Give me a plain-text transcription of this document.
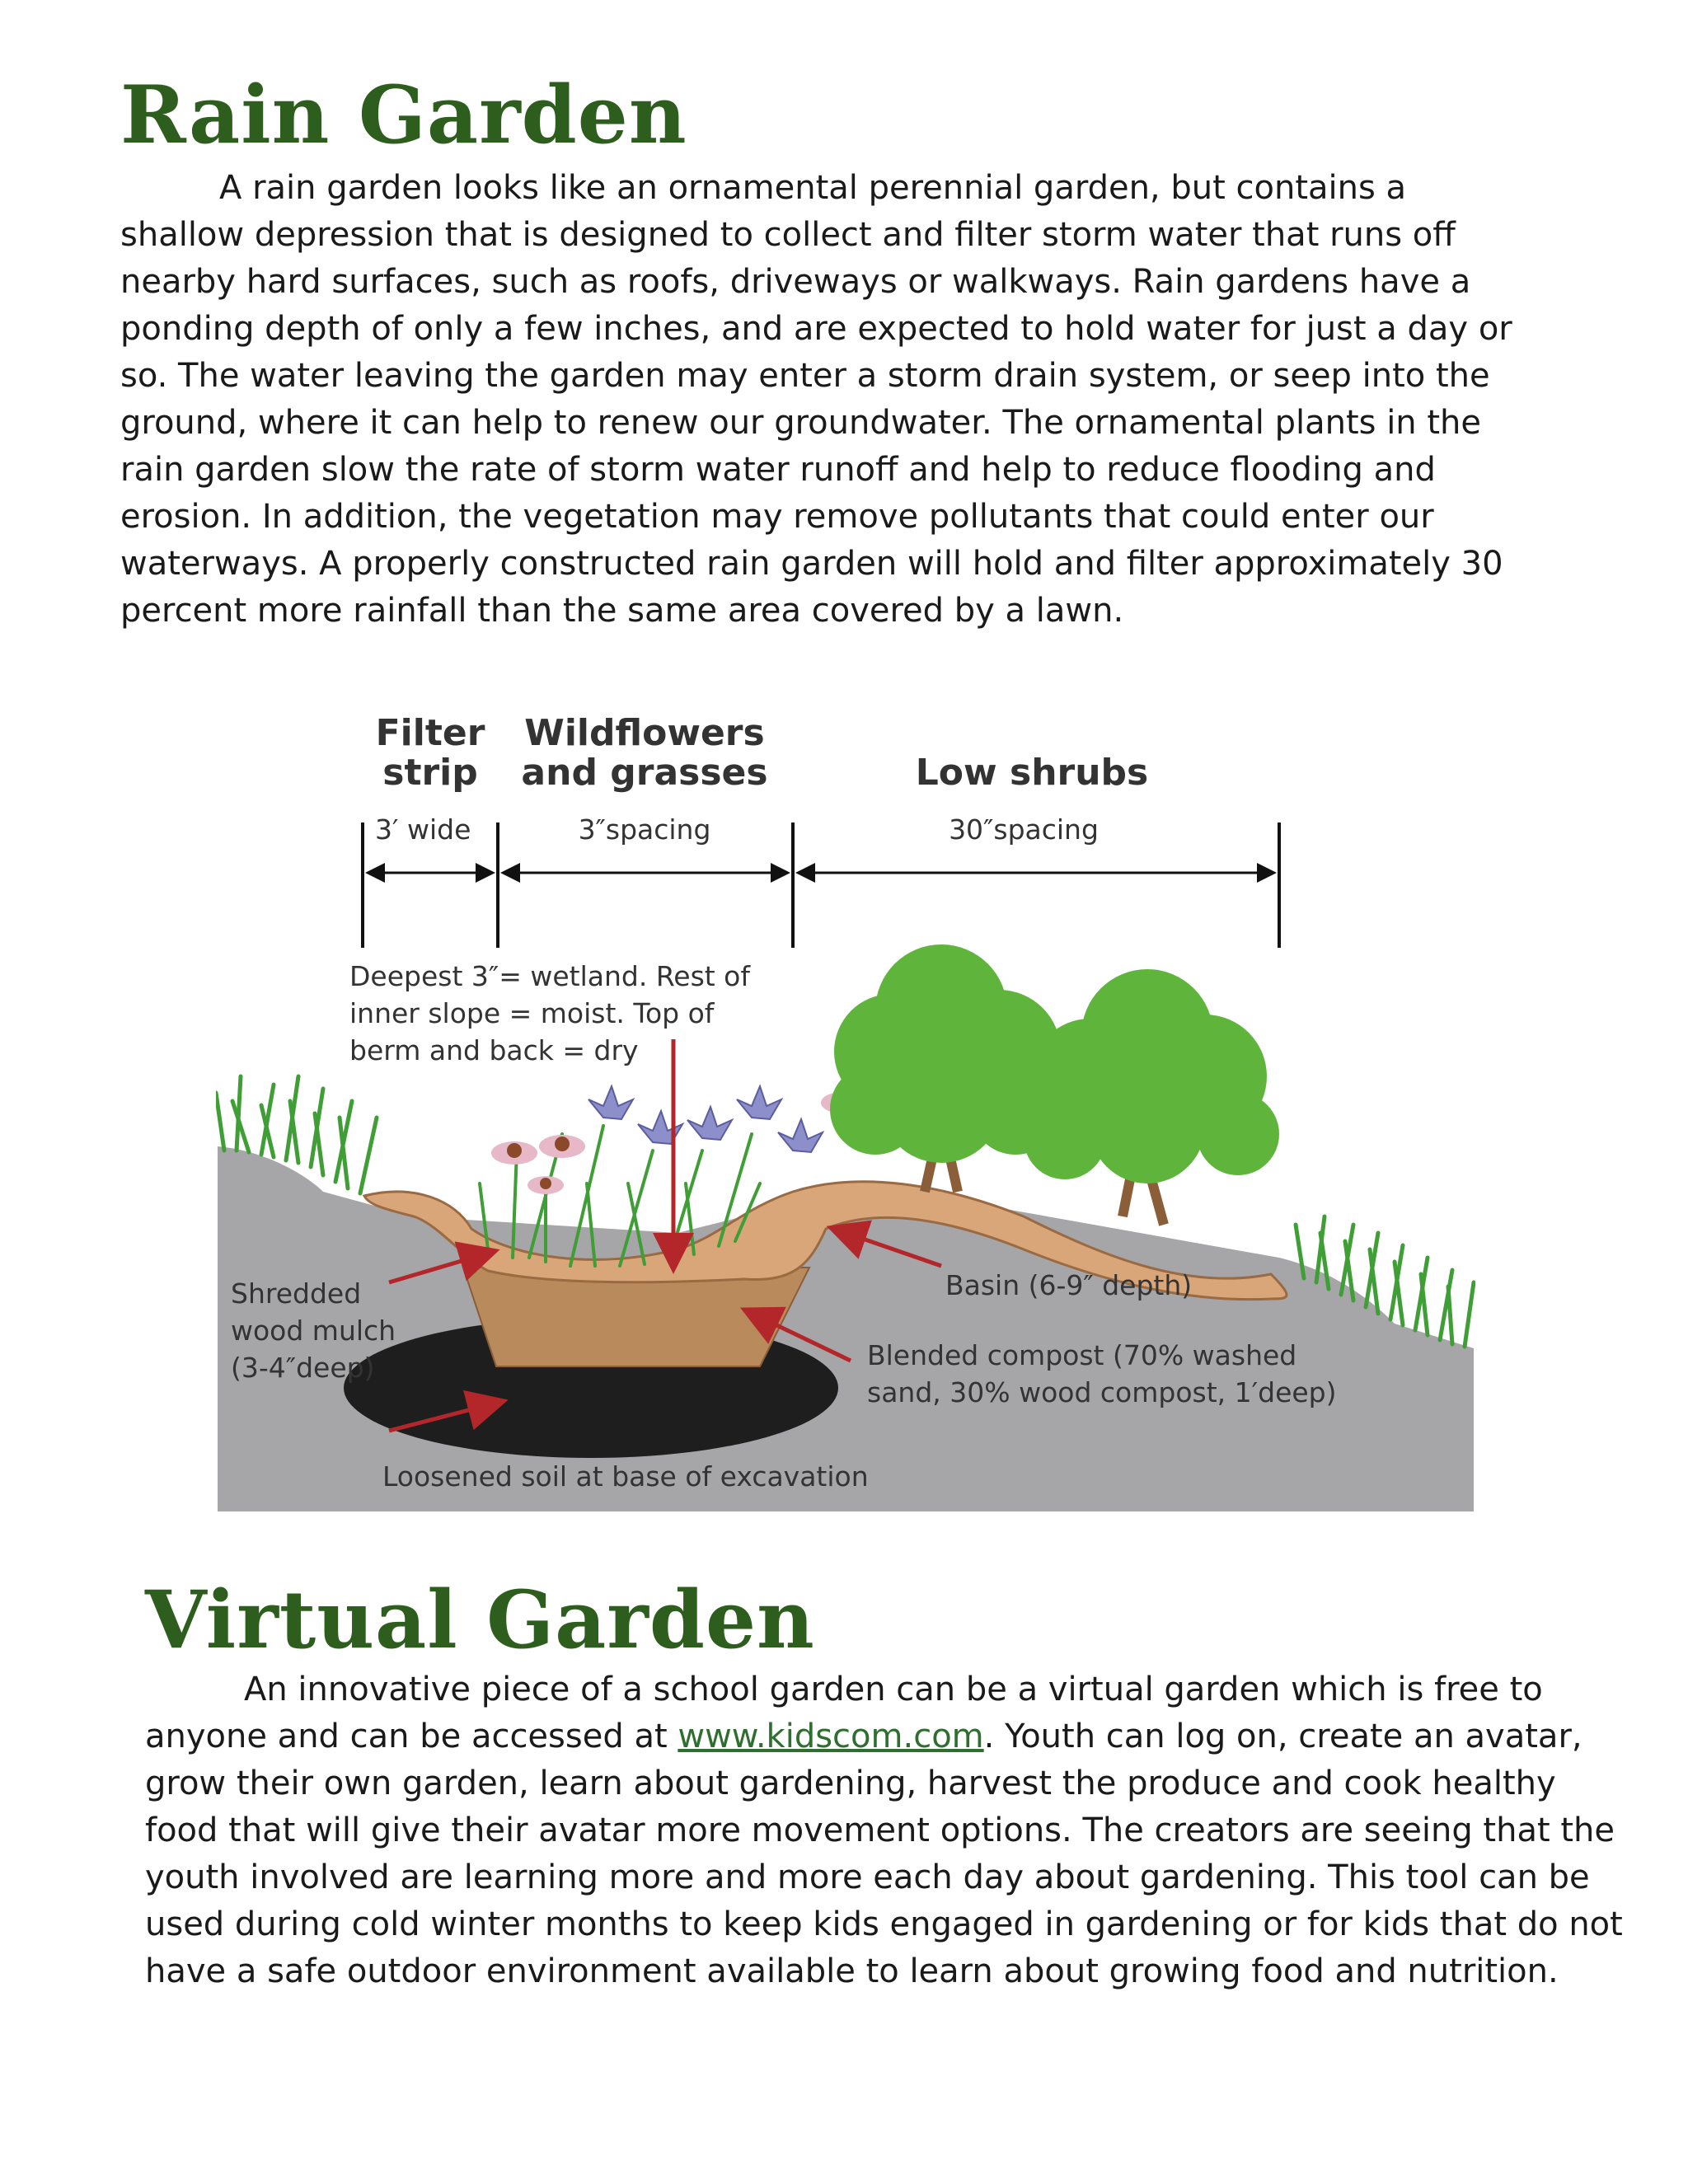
Rain Garden

A rain garden looks like an ornamental perennial garden, but contains a shallow depression that is designed to collect and filter storm water that runs off nearby hard surfaces, such as roofs, driveways or walkways. Rain gardens have a ponding depth of only a few inches, and are expected to hold water for just a day or so. The water leaving the garden may enter a storm drain system, or seep into the ground, where it can help to renew our groundwater. The ornamental plants in the rain garden slow the rate of storm water runoff and help to reduce flooding and erosion. In addition, the vegetation may remove pollutants that could enter our waterways. A properly constructed rain garden will hold and filter approximately 30 percent more rainfall than the same area covered by a lawn.

Filter
strip
Wildflowers
and grasses	Low shrubs
3′ wide	3″spacing	30″spacing
Deepest 3″= wetland. Rest of
inner slope = moist. Top of
berm and back = dry
Shredded
wood mulch
(3-4″deep)
Basin (6-9″ depth)
Blended compost (70% washed
sand, 30% wood compost, 1′deep)
Loosened soil at base of excavation
Virtual Garden

An innovative piece of a school garden can be a virtual garden which is free to anyone and can be accessed at www.kidscom.com. Youth can log on, create an avatar, grow their own garden, learn about gardening, harvest the produce and cook healthy food that will give their avatar more movement options. The creators are seeing that the youth involved are learning more and more each day about gardening. This tool can be used during cold winter months to keep kids engaged in gardening or for kids that do not have a safe outdoor environment available to learn about growing food and nutrition.
